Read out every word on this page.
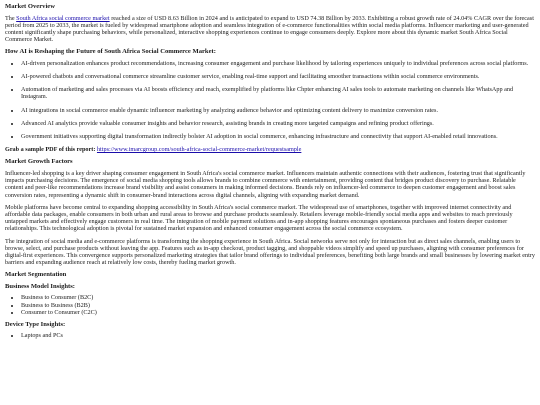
Market Overview

The South Africa social commerce market reached a size of USD 8.63 Billion in 2024 and is anticipated to expand to USD 74.38 Billion by 2033. Exhibiting a robust growth rate of 24.04% CAGR over the forecast period from 2025 to 2033, the market is fueled by widespread smartphone adoption and seamless integration of e-commerce functionalities within social media platforms. Influencer marketing and user-generated content significantly shape purchasing behaviors, while personalized, interactive shopping experiences continue to engage consumers deeply. Explore more about this dynamic market South Africa Social Commerce Market.

How AI is Reshaping the Future of South Africa Social Commerce Market:
• AI-driven personalization enhances product recommendations, increasing consumer engagement and purchase likelihood by tailoring experiences uniquely to individual preferences across social platforms.
• AI-powered chatbots and conversational commerce streamline customer service, enabling real-time support and facilitating smoother transactions within social commerce environments.
• Automation of marketing and sales processes via AI boosts efficiency and reach, exemplified by platforms like Chpter enhancing AI sales tools to automate marketing on channels like WhatsApp and Instagram.
• AI integrations in social commerce enable dynamic influencer marketing by analyzing audience behavior and optimizing content delivery to maximize conversion rates.
• Advanced AI analytics provide valuable consumer insights and behavior research, assisting brands in creating more targeted campaigns and refining product offerings.
• Government initiatives supporting digital transformation indirectly bolster AI adoption in social commerce, enhancing infrastructure and connectivity that support AI-enabled retail innovations.

Grab a sample PDF of this report: https://www.imarcgroup.com/south-africa-social-commerce-market/requestsample

Market Growth Factors

Influencer-led shopping is a key driver shaping consumer engagement in South Africa's social commerce market. Influencers maintain authentic connections with their audiences, fostering trust that significantly impacts purchasing decisions. The emergence of social media shopping tools allows brands to combine commerce with entertainment, providing content that bridges product discovery to purchase. Relatable content and peer-like recommendations increase brand visibility and assist consumers in making informed decisions. Brands rely on influencer-led commerce to deepen customer engagement and boost sales conversion rates, representing a dynamic shift in consumer-brand interactions across digital channels, aligning with expanding market demand.

Mobile platforms have become central to expanding shopping accessibility in South Africa's social commerce market. The widespread use of smartphones, together with improved internet connectivity and affordable data packages, enable consumers in both urban and rural areas to browse and purchase products seamlessly. Retailers leverage mobile-friendly social media apps and websites to reach previously untapped markets and effectively engage customers in real time. The integration of mobile payment solutions and in-app shopping features encourages spontaneous purchases and fosters deeper customer relationships. This technological adoption is pivotal for sustained market expansion and enhanced consumer engagement across the social commerce ecosystem.

The integration of social media and e-commerce platforms is transforming the shopping experience in South Africa. Social networks serve not only for interaction but as direct sales channels, enabling users to browse, select, and purchase products without leaving the app. Features such as in-app checkout, product tagging, and shoppable videos simplify and speed up purchases, aligning with consumer preferences for digital-first experiences. This convergence supports personalized marketing strategies that tailor brand offerings to individual preferences, benefiting both large brands and small businesses by lowering market entry barriers and expanding audience reach at relatively low costs, thereby fueling market growth.

Market Segmentation
Business Model Insights:
• Business to Consumer (B2C)
• Business to Business (B2B)
• Consumer to Consumer (C2C)
Device Type Insights:
• Laptops and PCs
